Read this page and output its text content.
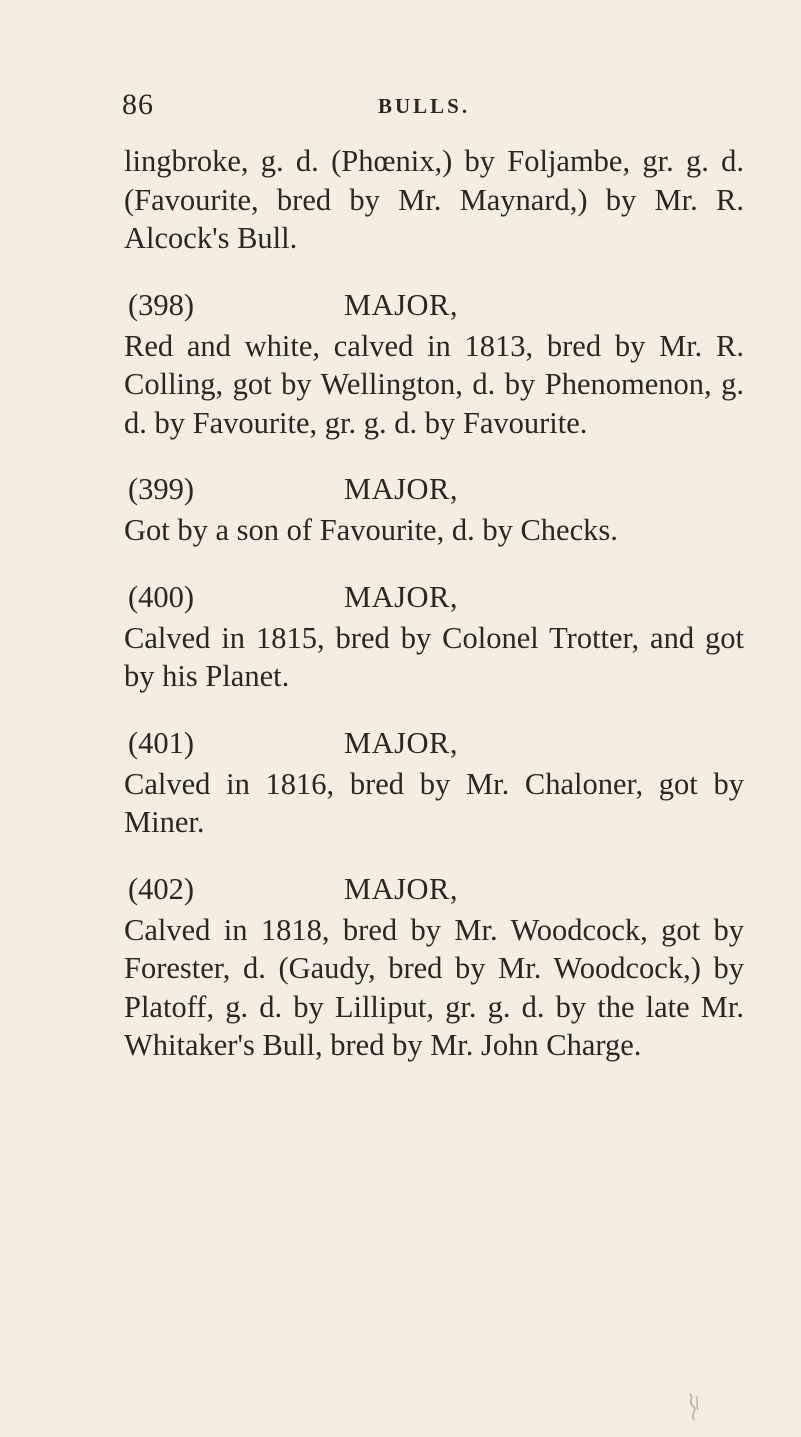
86	BULLS.

lingbroke, g. d. (Phœnix,) by Foljambe, gr. g. d. (Favourite, bred by Mr. Maynard,) by Mr. R. Alcock's Bull.

(398)	MAJOR,

Red and white, calved in 1813, bred by Mr. R. Colling, got by Wellington, d. by Phenomenon, g. d. by Favourite, gr. g. d. by Favourite.

(399)	MAJOR,

Got by a son of Favourite, d. by Checks.

(400)	MAJOR,

Calved in 1815, bred by Colonel Trotter, and got by his Planet.

(401)	MAJOR,

Calved in 1816, bred by Mr. Chaloner, got by Miner.

(402)	MAJOR,

Calved in 1818, bred by Mr. Woodcock, got by Forester, d. (Gaudy, bred by Mr. Woodcock,) by Platoff, g. d. by Lilliput, gr. g. d. by the late Mr. Whitaker's Bull, bred by Mr. John Charge.
